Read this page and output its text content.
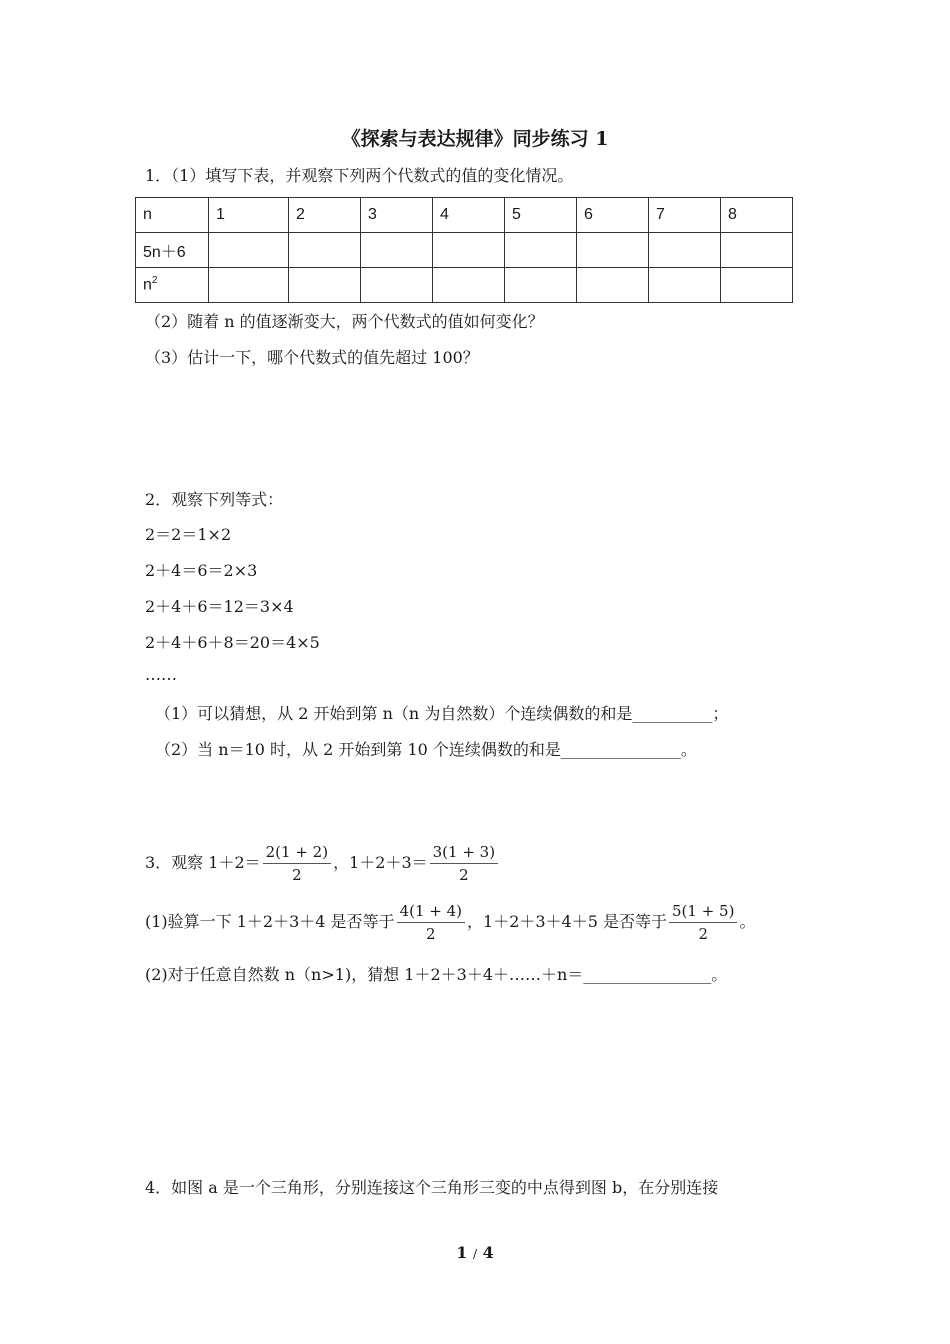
《探索与表达规律》同步练习 1
1．（1）填写下表，并观察下列两个代数式的值的变化情况。
n	1	2	3	4	5	6	7	8
5n＋6								
$n^2$								
（2）随着 n 的值逐渐变大，两个代数式的值如何变化？
（3）估计一下，哪个代数式的值先超过 100？
2．观察下列等式：
2＝2＝1×2
2＋4＝6＝2×3
2＋4＋6＝12＝3×4
2＋4＋6＋8＝20＝4×5
……
（1）可以猜想，从 2 开始到第 n（n 为自然数）个连续偶数的和是__________；
（2）当 n＝10 时，从 2 开始到第 10 个连续偶数的和是_______________。
3．观察 $1+2= \frac{2(1 + 2)}{2}$ ，$1+2+3= \frac{3(1 + 3)}{2}$
(1)验算一下 1＋2＋3＋4 是否等于 $\frac{4(1 + 4)}{2}$ ，1＋2＋3＋4＋5 是否等于 $\frac{5(1 + 5)}{2}$ 。
(2)对于任意自然数 n（n>1)，猜想 1＋2＋3＋4＋……＋n＝________________。
4．如图 a 是一个三角形，分别连接这个三角形三变的中点得到图 b，在分别连接
1 / 4
